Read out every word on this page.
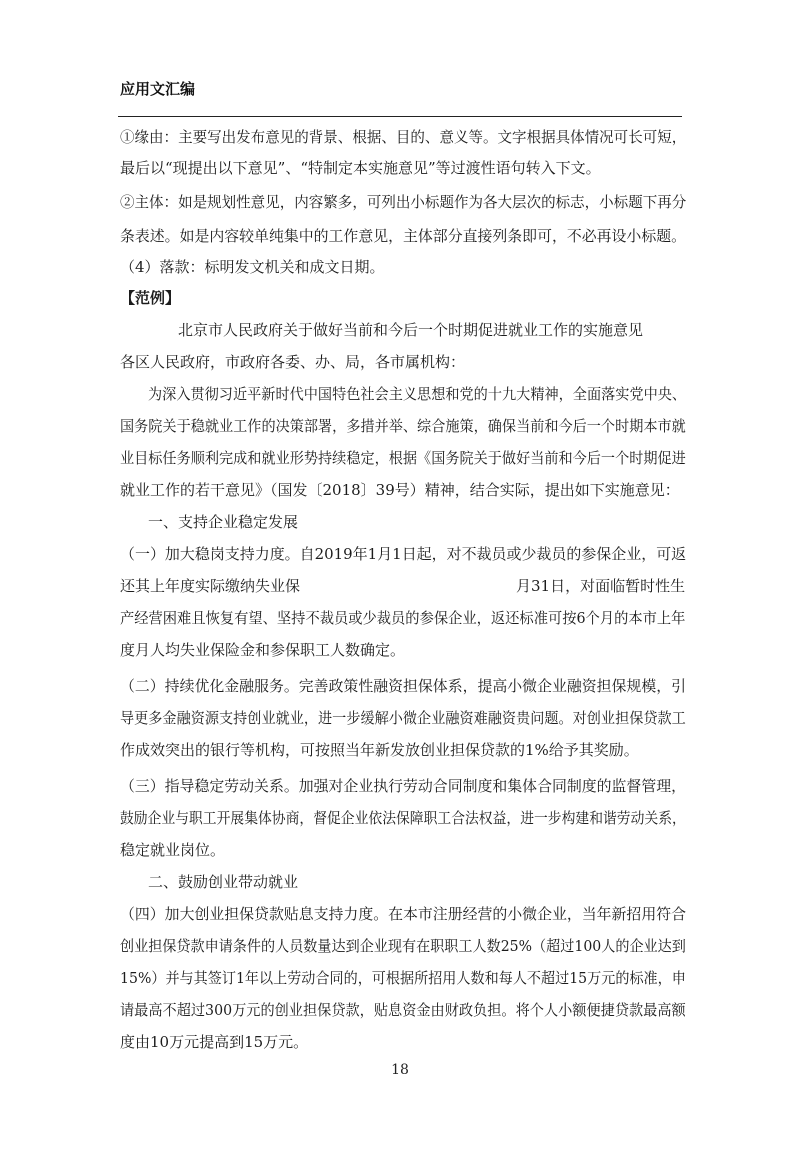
应用文汇编
①缘由：主要写出发布意见的背景、根据、目的、意义等。文字根据具体情况可长可短，
最后以“现提出以下意见”、“特制定本实施意见”等过渡性语句转入下文。
②主体：如是规划性意见，内容繁多，可列出小标题作为各大层次的标志，小标题下再分
条表述。如是内容较单纯集中的工作意见，主体部分直接列条即可，不必再设小标题。
（4）落款：标明发文机关和成文日期。
【范例】
北京市人民政府关于做好当前和今后一个时期促进就业工作的实施意见
各区人民政府，市政府各委、办、局，各市属机构：
为深入贯彻习近平新时代中国特色社会主义思想和党的十九大精神，全面落实党中央、
国务院关于稳就业工作的决策部署，多措并举、综合施策，确保当前和今后一个时期本市就
业目标任务顺利完成和就业形势持续稳定，根据《国务院关于做好当前和今后一个时期促进
就业工作的若干意见》（国发〔2018〕39号）精神，结合实际，提出如下实施意见：
一、支持企业稳定发展
（一）加大稳岗支持力度。自2019年1月1日起，对不裁员或少裁员的参保企业，可返
还其上年度实际缴纳失业保	月31日，对面临暂时性生
产经营困难且恢复有望、坚持不裁员或少裁员的参保企业，返还标准可按6个月的本市上年
度月人均失业保险金和参保职工人数确定。
（二）持续优化金融服务。完善政策性融资担保体系，提高小微企业融资担保规模，引
导更多金融资源支持创业就业，进一步缓解小微企业融资难融资贵问题。对创业担保贷款工
作成效突出的银行等机构，可按照当年新发放创业担保贷款的1%给予其奖励。
（三）指导稳定劳动关系。加强对企业执行劳动合同制度和集体合同制度的监督管理，
鼓励企业与职工开展集体协商，督促企业依法保障职工合法权益，进一步构建和谐劳动关系，
稳定就业岗位。
二、鼓励创业带动就业
（四）加大创业担保贷款贴息支持力度。在本市注册经营的小微企业，当年新招用符合
创业担保贷款申请条件的人员数量达到企业现有在职职工人数25%（超过100人的企业达到
15%）并与其签订1年以上劳动合同的，可根据所招用人数和每人不超过15万元的标准，申
请最高不超过300万元的创业担保贷款，贴息资金由财政负担。将个人小额便捷贷款最高额
度由10万元提高到15万元。
18
